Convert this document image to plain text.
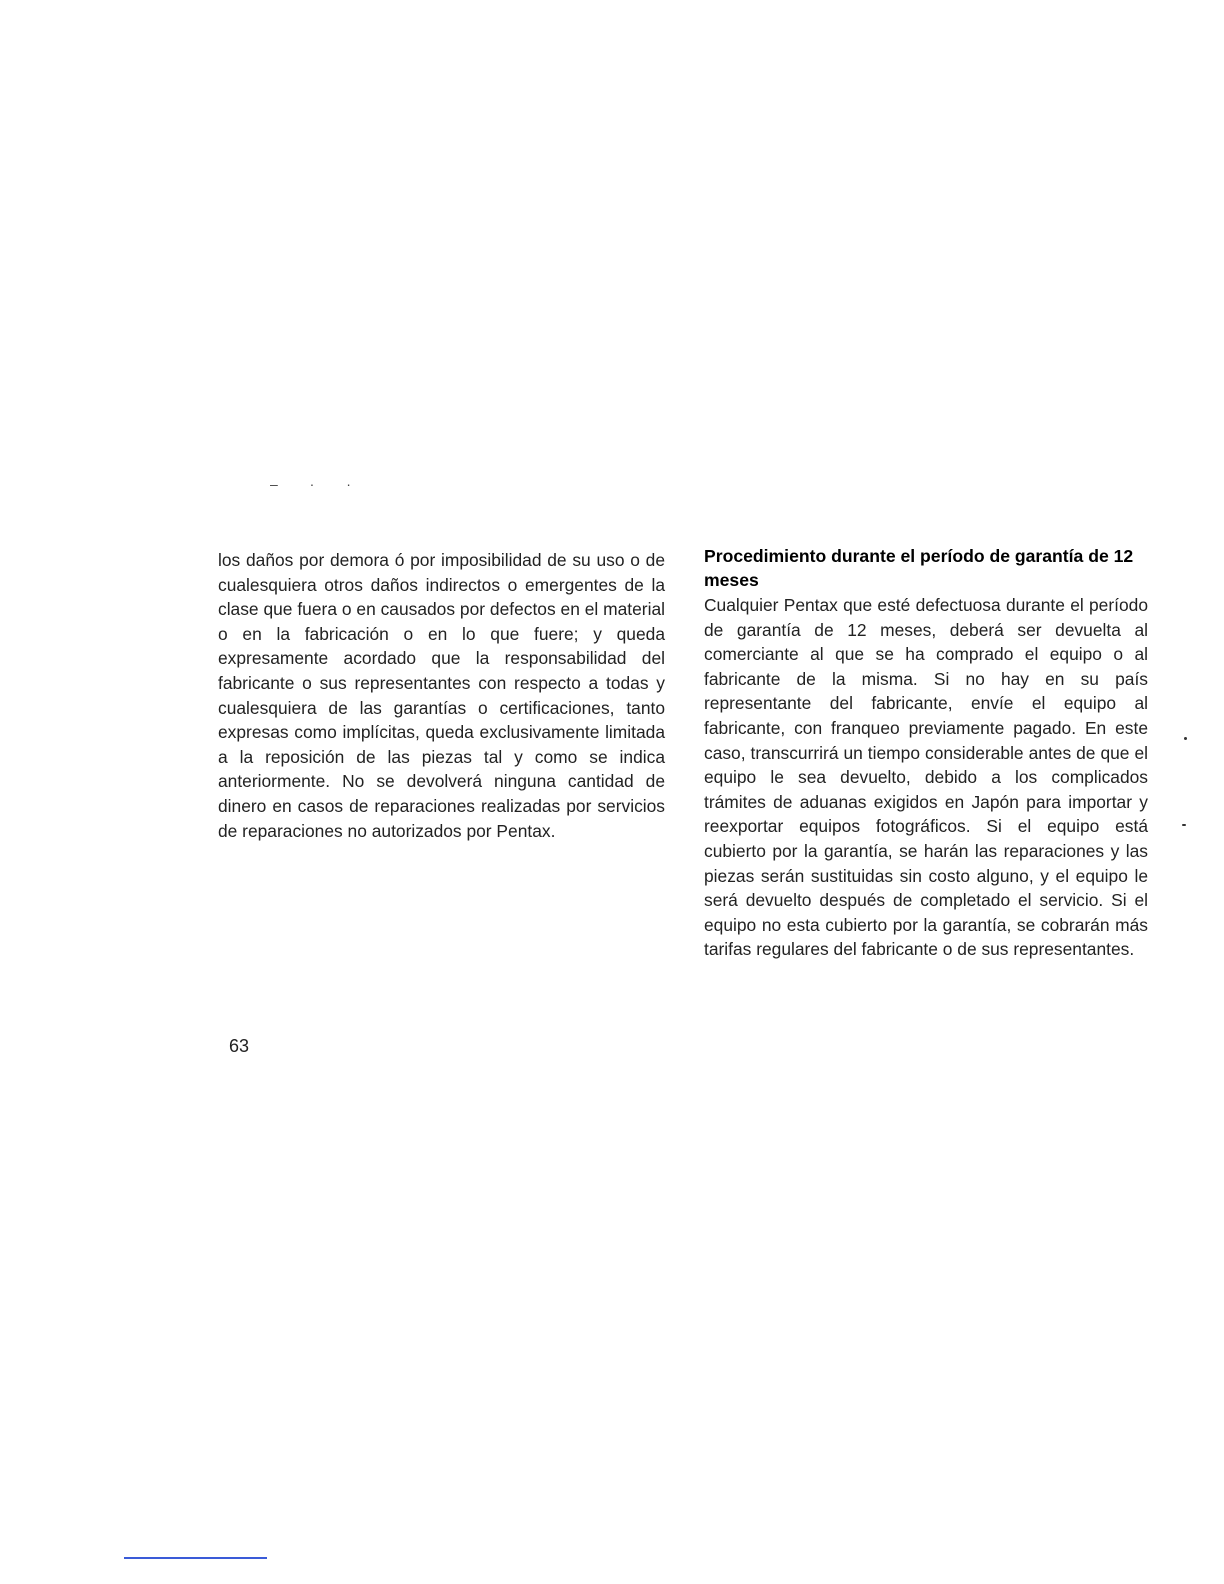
– · ·

los daños por demora ó por imposibilidad de su uso o de cualesquiera otros daños indirectos o emergentes de la clase que fuera o en causados por defectos en el material o en la fabricación o en lo que fuere; y queda expresamente acordado que la responsabilidad del fabricante o sus representantes con respecto a todas y cualesquiera de las garantías o certificaciones, tanto expresas como implícitas, queda exclusivamente limitada a la reposición de las piezas tal y como se indica anteriormente. No se devolverá ninguna cantidad de dinero en casos de reparaciones realizadas por servicios de reparaciones no autorizados por Pentax.

Procedimiento durante el período de garantía de 12 meses

Cualquier Pentax que esté defectuosa durante el período de garantía de 12 meses, deberá ser devuelta al comerciante al que se ha comprado el equipo o al fabricante de la misma. Si no hay en su país representante del fabricante, envíe el equipo al fabricante, con franqueo previamente pagado. En este caso, transcurrirá un tiempo considerable antes de que el equipo le sea devuelto, debido a los complicados trámites de aduanas exigidos en Japón para importar y reexportar equipos fotográficos. Si el equipo está cubierto por la garantía, se harán las reparaciones y las piezas serán sustituidas sin costo alguno, y el equipo le será devuelto después de completado el servicio. Si el equipo no esta cubierto por la garantía, se cobrarán más tarifas regulares del fabricante o de sus representantes.

63
